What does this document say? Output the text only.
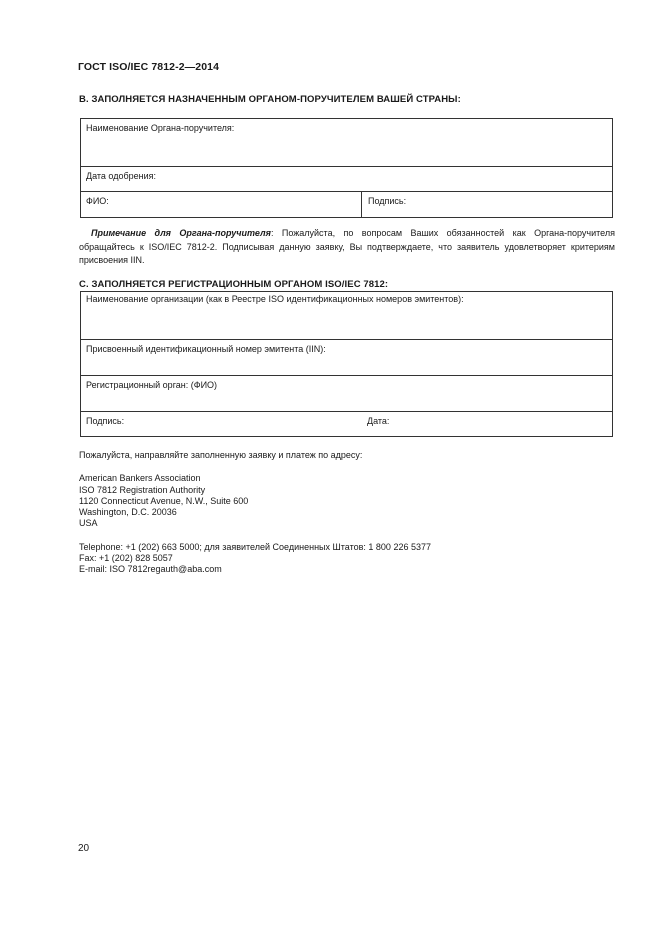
ГОСТ ISO/IEC 7812-2—2014
B. ЗАПОЛНЯЕТСЯ НАЗНАЧЕННЫМ ОРГАНОМ-ПОРУЧИТЕЛЕМ ВАШЕЙ СТРАНЫ:
Наименование Органа-поручителя:
Дата одобрения:
ФИО:	Подпись:
Примечание для Органа-поручителя: Пожалуйста, по вопросам Ваших обязанностей как Органа-поручителя обращайтесь к ISO/IEC 7812-2. Подписывая данную заявку, Вы подтверждаете, что заявитель удовлетворяет критериям присвоения IIN.
С. ЗАПОЛНЯЕТСЯ РЕГИСТРАЦИОННЫМ ОРГАНОМ ISO/IEC 7812:
Наименование организации (как в Реестре ISO идентификационных номеров эмитентов):
Присвоенный идентификационный номер эмитента (IIN):
Регистрационный орган: (ФИО)
Подпись:	Дата:
Пожалуйста, направляйте заполненную заявку и платеж по адресу:
American Bankers Association
ISO 7812 Registration Authority
1120 Connecticut Avenue, N.W., Suite 600
Washington, D.C. 20036
USA
Telephone: +1 (202) 663 5000; для заявителей Соединенных Штатов: 1 800 226 5377
Fax: +1 (202) 828 5057
E-mail: ISO 7812regauth@aba.com
20
